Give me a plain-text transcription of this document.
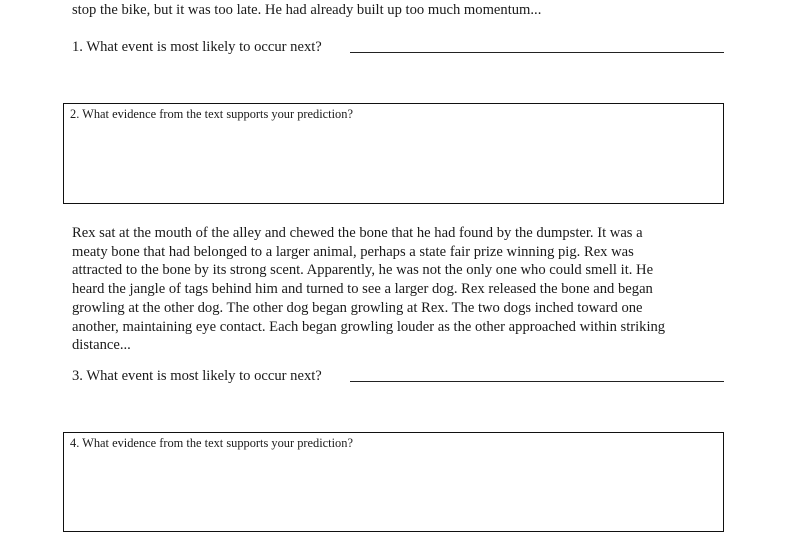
stop the bike, but it was too late. He had already built up too much momentum...
1. What event is most likely to occur next?
2. What evidence from the text supports your prediction?
Rex sat at the mouth of the alley and chewed the bone that he had found by the dumpster. It was a
meaty bone that had belonged to a larger animal, perhaps a state fair prize winning pig. Rex was
attracted to the bone by its strong scent. Apparently, he was not the only one who could smell it. He
heard the jangle of tags behind him and turned to see a larger dog. Rex released the bone and began
growling at the other dog. The other dog began growling at Rex. The two dogs inched toward one
another, maintaining eye contact. Each began growling louder as the other approached within striking
distance...
3. What event is most likely to occur next?
4. What evidence from the text supports your prediction?
